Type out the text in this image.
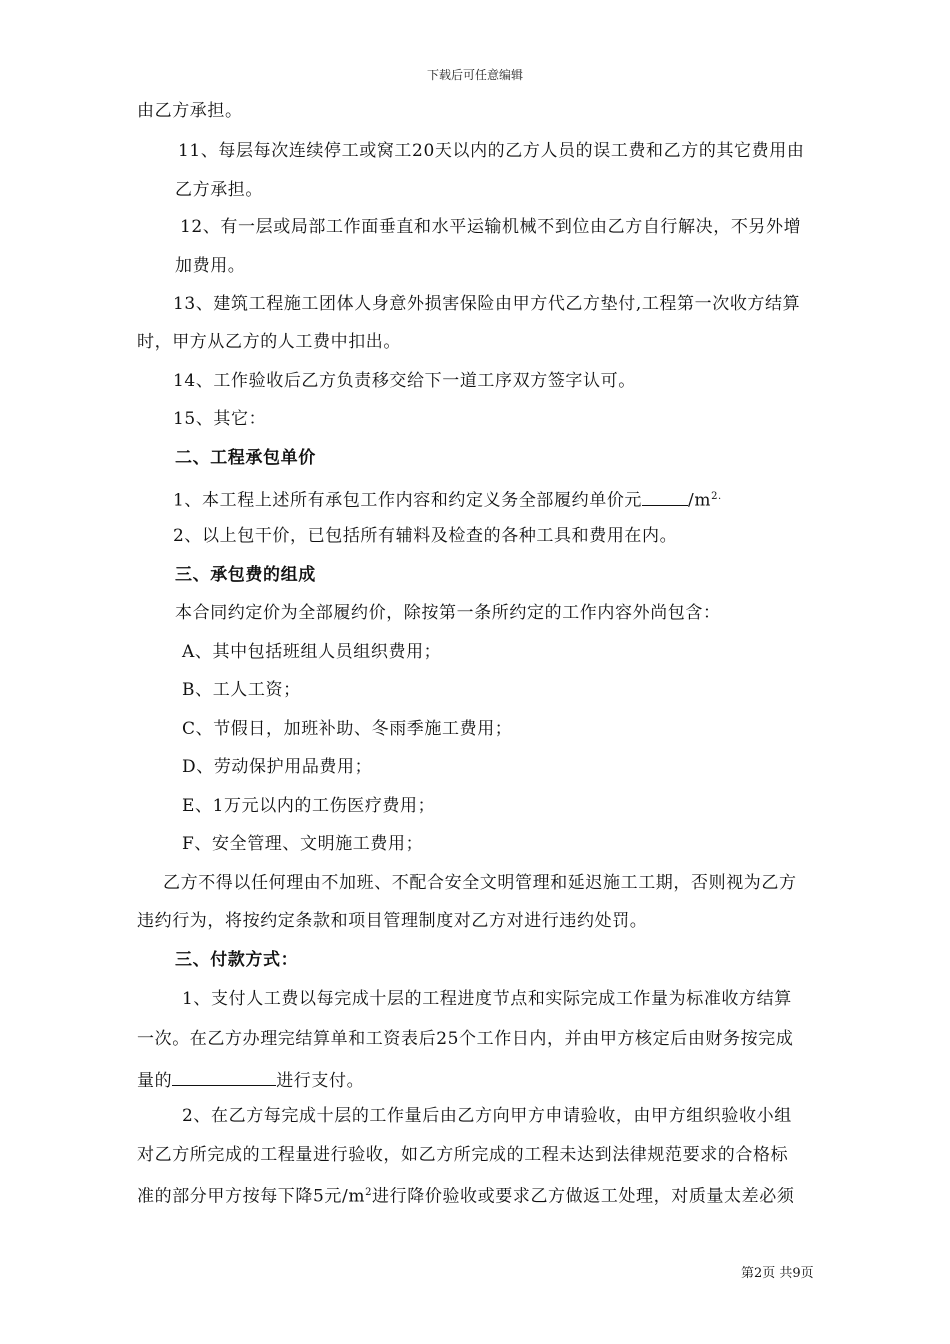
下载后可任意编辑
由乙方承担。
11、每层每次连续停工或窝工20天以内的乙方人员的误工费和乙方的其它费用由
乙方承担。
12、有一层或局部工作面垂直和水平运输机械不到位由乙方自行解决，不另外增
加费用。
13、建筑工程施工团体人身意外损害保险由甲方代乙方垫付,工程第一次收方结算
时，甲方从乙方的人工费中扣出。
14、工作验收后乙方负责移交给下一道工序双方签字认可。
15、其它：
二、工程承包单价
1、本工程上述所有承包工作内容和约定义务全部履约单价元	$/m^{2.}$
2、以上包干价，已包括所有辅料及检查的各种工具和费用在内。
三、承包费的组成
本合同约定价为全部履约价，除按第一条所约定的工作内容外尚包含：
A、其中包括班组人员组织费用；
B、工人工资；
C、节假日，加班补助、冬雨季施工费用；
D、劳动保护用品费用；
E、1万元以内的工伤医疗费用；
F、安全管理、文明施工费用；
乙方不得以任何理由不加班、不配合安全文明管理和延迟施工工期，否则视为乙方
违约行为，将按约定条款和项目管理制度对乙方对进行违约处罚。
三、付款方式：
1、支付人工费以每完成十层的工程进度节点和实际完成工作量为标准收方结算
一次。在乙方办理完结算单和工资表后25个工作日内，并由甲方核定后由财务按完成
量的	进行支付。
2、在乙方每完成十层的工作量后由乙方向甲方申请验收，由甲方组织验收小组
对乙方所完成的工程量进行验收，如乙方所完成的工程未达到法律规范要求的合格标
准的部分甲方按每下降5元$/m^2$进行降价验收或要求乙方做返工处理，对质量太差必须
第2页 共9页
